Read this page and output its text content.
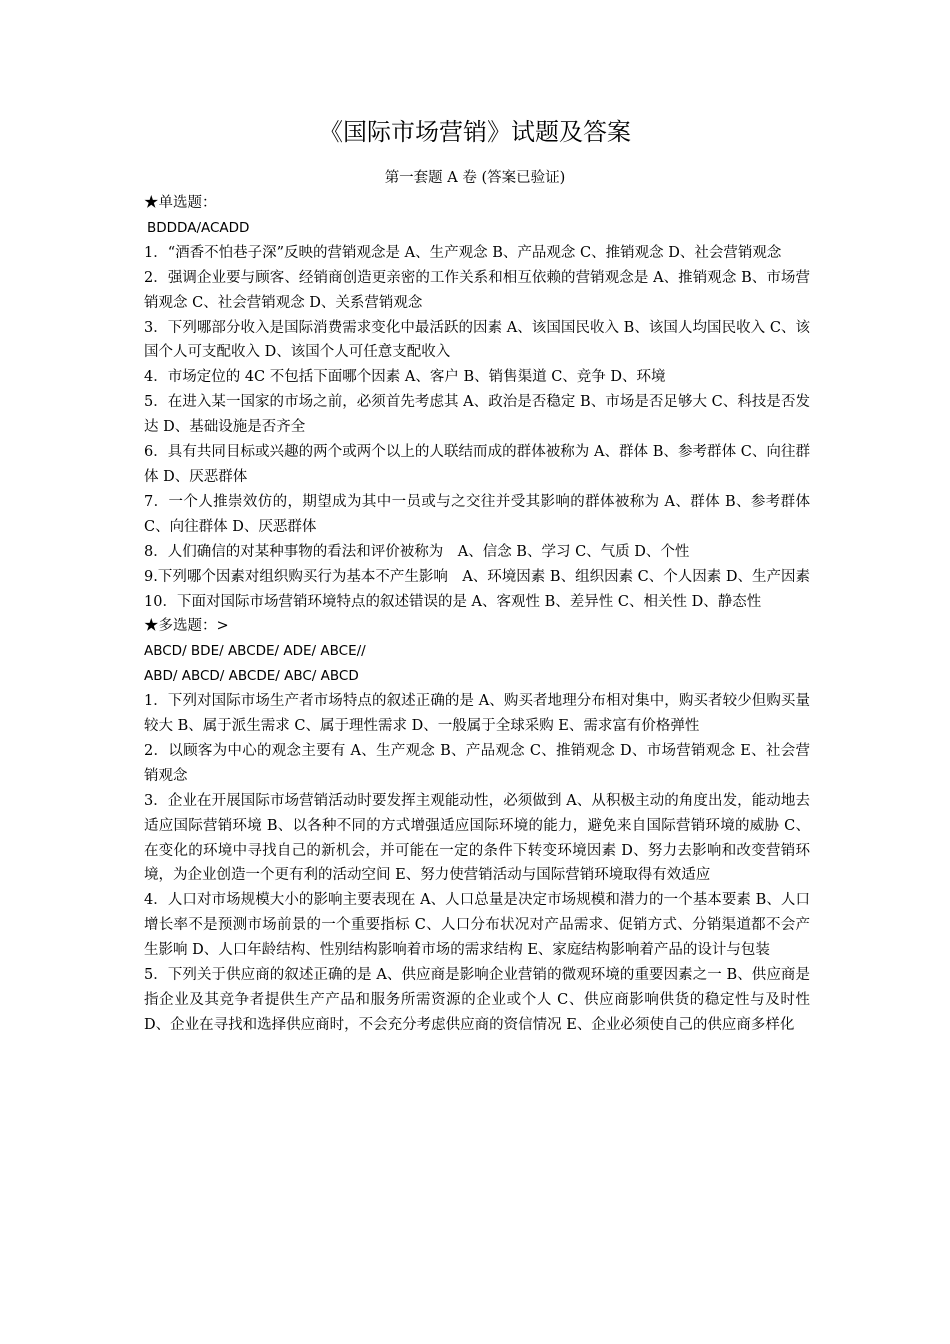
《国际市场营销》试题及答案
第一套题 A 卷 (答案已验证)

★单选题：

BDDDA/ACADD

1．“酒香不怕巷子深”反映的营销观念是 A、生产观念 B、产品观念 C、推销观念 D、社会营销观念

2．强调企业要与顾客、经销商创造更亲密的工作关系和相互依赖的营销观念是 A、推销观念 B、市场营销观念 C、社会营销观念 D、关系营销观念

3．下列哪部分收入是国际消费需求变化中最活跃的因素 A、该国国民收入 B、该国人均国民收入 C、该国个人可支配收入 D、该国个人可任意支配收入

4．市场定位的 4C 不包括下面哪个因素 A、客户 B、销售渠道 C、竞争 D、环境

5．在进入某一国家的市场之前，必须首先考虑其 A、政治是否稳定 B、市场是否足够大 C、科技是否发达 D、基础设施是否齐全

6．具有共同目标或兴趣的两个或两个以上的人联结而成的群体被称为 A、群体 B、参考群体 C、向往群体 D、厌恶群体

7．一个人推崇效仿的，期望成为其中一员或与之交往并受其影响的群体被称为 A、群体 B、参考群体 C、向往群体 D、厌恶群体

8．人们确信的对某种事物的看法和评价被称为　A、信念 B、学习 C、气质 D、个性

9.下列哪个因素对组织购买行为基本不产生影响　A、环境因素 B、组织因素 C、个人因素 D、生产因素

10．下面对国际市场营销环境特点的叙述错误的是 A、客观性 B、差异性 C、相关性 D、静态性

★多选题：>

ABCD/ BDE/ ABCDE/ ADE/ ABCE//

ABD/ ABCD/ ABCDE/ ABC/ ABCD

1．下列对国际市场生产者市场特点的叙述正确的是 A、购买者地理分布相对集中，购买者较少但购买量较大 B、属于派生需求 C、属于理性需求 D、一般属于全球采购 E、需求富有价格弹性

2．以顾客为中心的观念主要有 A、生产观念 B、产品观念 C、推销观念 D、市场营销观念 E、社会营销观念

3．企业在开展国际市场营销活动时要发挥主观能动性，必须做到 A、从积极主动的角度出发，能动地去适应国际营销环境 B、以各种不同的方式增强适应国际环境的能力，避免来自国际营销环境的威胁 C、在变化的环境中寻找自己的新机会，并可能在一定的条件下转变环境因素 D、努力去影响和改变营销环境，为企业创造一个更有利的活动空间 E、努力使营销活动与国际营销环境取得有效适应

4．人口对市场规模大小的影响主要表现在 A、人口总量是决定市场规模和潜力的一个基本要素 B、人口增长率不是预测市场前景的一个重要指标 C、人口分布状况对产品需求、促销方式、分销渠道都不会产生影响 D、人口年龄结构、性别结构影响着市场的需求结构 E、家庭结构影响着产品的设计与包装

5．下列关于供应商的叙述正确的是 A、供应商是影响企业营销的微观环境的重要因素之一 B、供应商是指企业及其竞争者提供生产产品和服务所需资源的企业或个人 C、供应商影响供货的稳定性与及时性 D、企业在寻找和选择供应商时，不会充分考虑供应商的资信情况 E、企业必须使自己的供应商多样化
